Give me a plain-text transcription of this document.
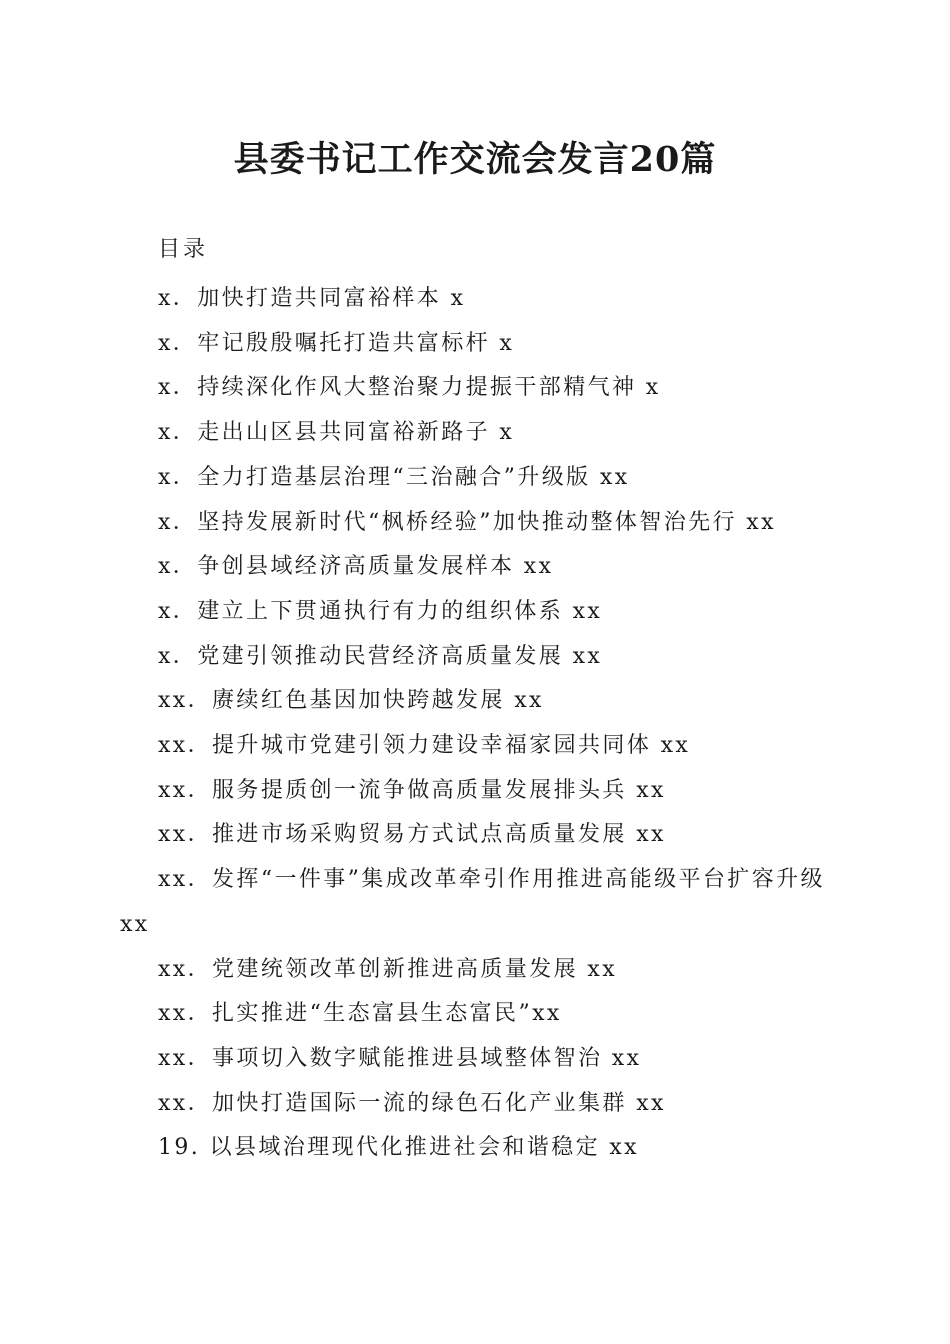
县委书记工作交流会发言20篇
目录
x．加快打造共同富裕样本 x
x．牢记殷殷嘱托打造共富标杆 x
x．持续深化作风大整治聚力提振干部精气神 x
x．走出山区县共同富裕新路子 x
x．全力打造基层治理“三治融合”升级版 xx
x．坚持发展新时代“枫桥经验”加快推动整体智治先行 xx
x．争创县域经济高质量发展样本 xx
x．建立上下贯通执行有力的组织体系 xx
x．党建引领推动民营经济高质量发展 xx
xx．赓续红色基因加快跨越发展 xx
xx．提升城市党建引领力建设幸福家园共同体 xx
xx．服务提质创一流争做高质量发展排头兵 xx
xx．推进市场采购贸易方式试点高质量发展 xx
xx．发挥“一件事”集成改革牵引作用推进高能级平台扩容升级 xx
xx．党建统领改革创新推进高质量发展 xx
xx．扎实推进“生态富县生态富民”xx
xx．事项切入数字赋能推进县域整体智治 xx
xx．加快打造国际一流的绿色石化产业集群 xx
19. 以县域治理现代化推进社会和谐稳定 xx
